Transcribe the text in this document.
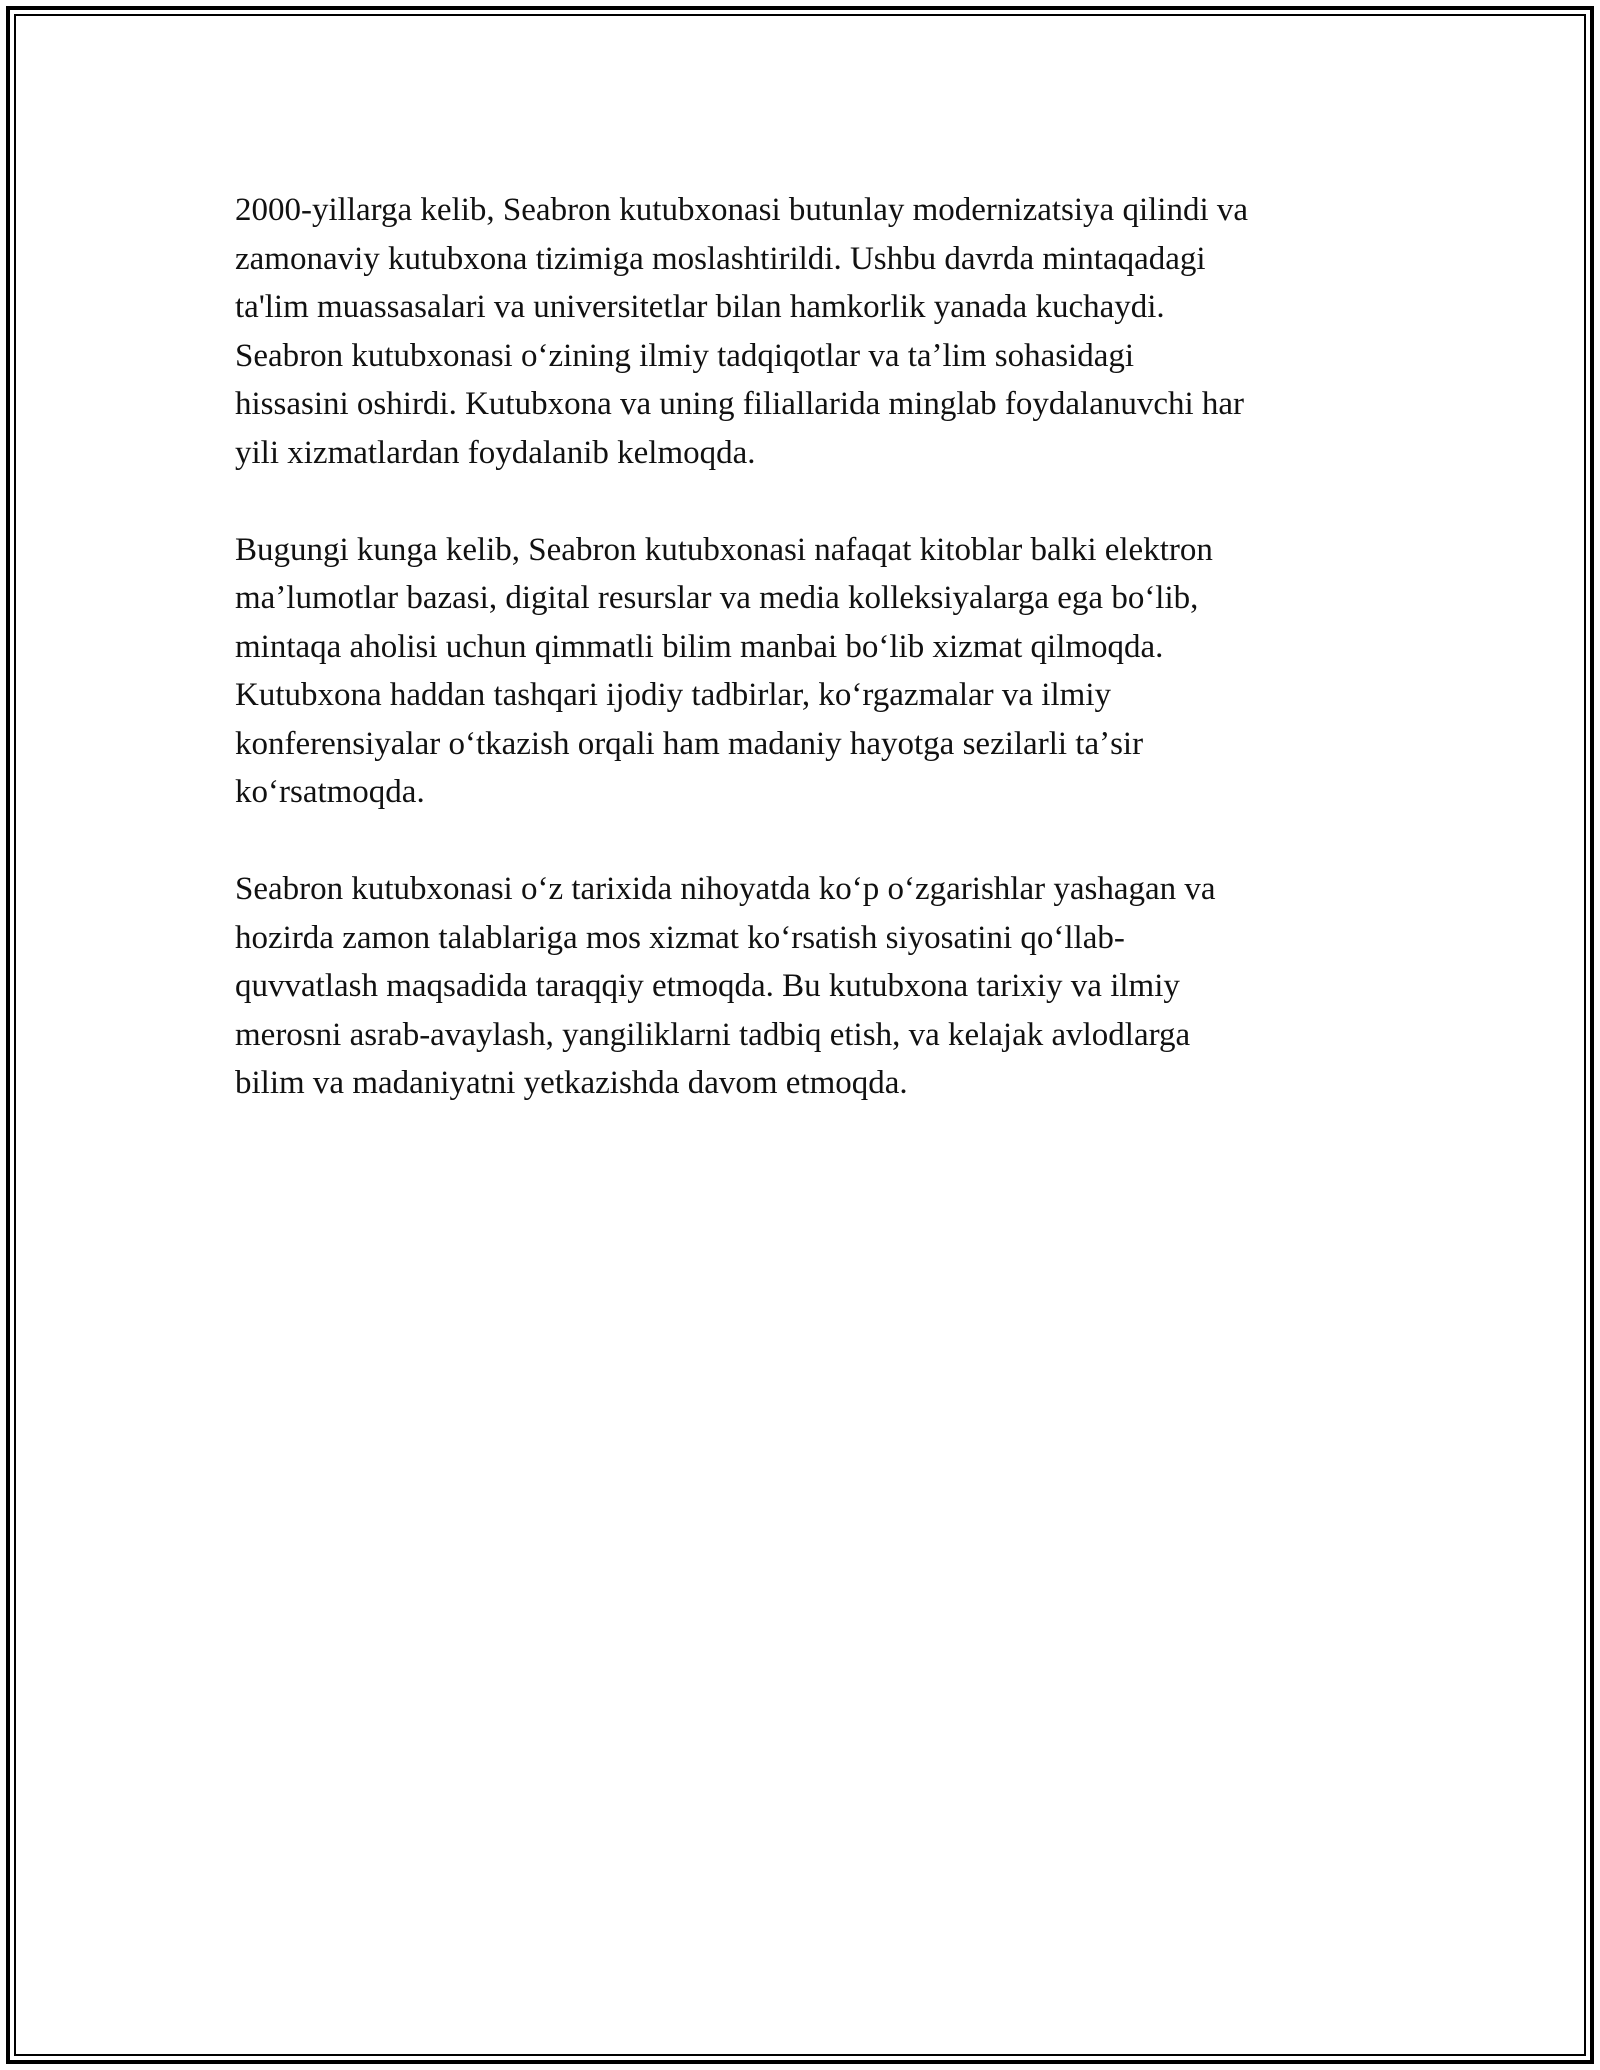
2000-yillarga kelib, Seabron kutubxonasi butunlay modernizatsiya qilindi va
zamonaviy kutubxona tizimiga moslashtirildi. Ushbu davrda mintaqadagi
ta'lim muassasalari va universitetlar bilan hamkorlik yanada kuchaydi.
Seabron kutubxonasi oʻzining ilmiy tadqiqotlar va taʼlim sohasidagi
hissasini oshirdi. Kutubxona va uning filiallarida minglab foydalanuvchi har
yili xizmatlardan foydalanib kelmoqda.

Bugungi kunga kelib, Seabron kutubxonasi nafaqat kitoblar balki elektron
maʼlumotlar bazasi, digital resurslar va media kolleksiyalarga ega boʻlib,
mintaqa aholisi uchun qimmatli bilim manbai boʻlib xizmat qilmoqda.
Kutubxona haddan tashqari ijodiy tadbirlar, koʻrgazmalar va ilmiy
konferensiyalar oʻtkazish orqali ham madaniy hayotga sezilarli taʼsir
koʻrsatmoqda.

Seabron kutubxonasi oʻz tarixida nihoyatda koʻp oʻzgarishlar yashagan va
hozirda zamon talablariga mos xizmat koʻrsatish siyosatini qoʻllab-
quvvatlash maqsadida taraqqiy etmoqda. Bu kutubxona tarixiy va ilmiy
merosni asrab-avaylash, yangiliklarni tadbiq etish, va kelajak avlodlarga
bilim va madaniyatni yetkazishda davom etmoqda.
